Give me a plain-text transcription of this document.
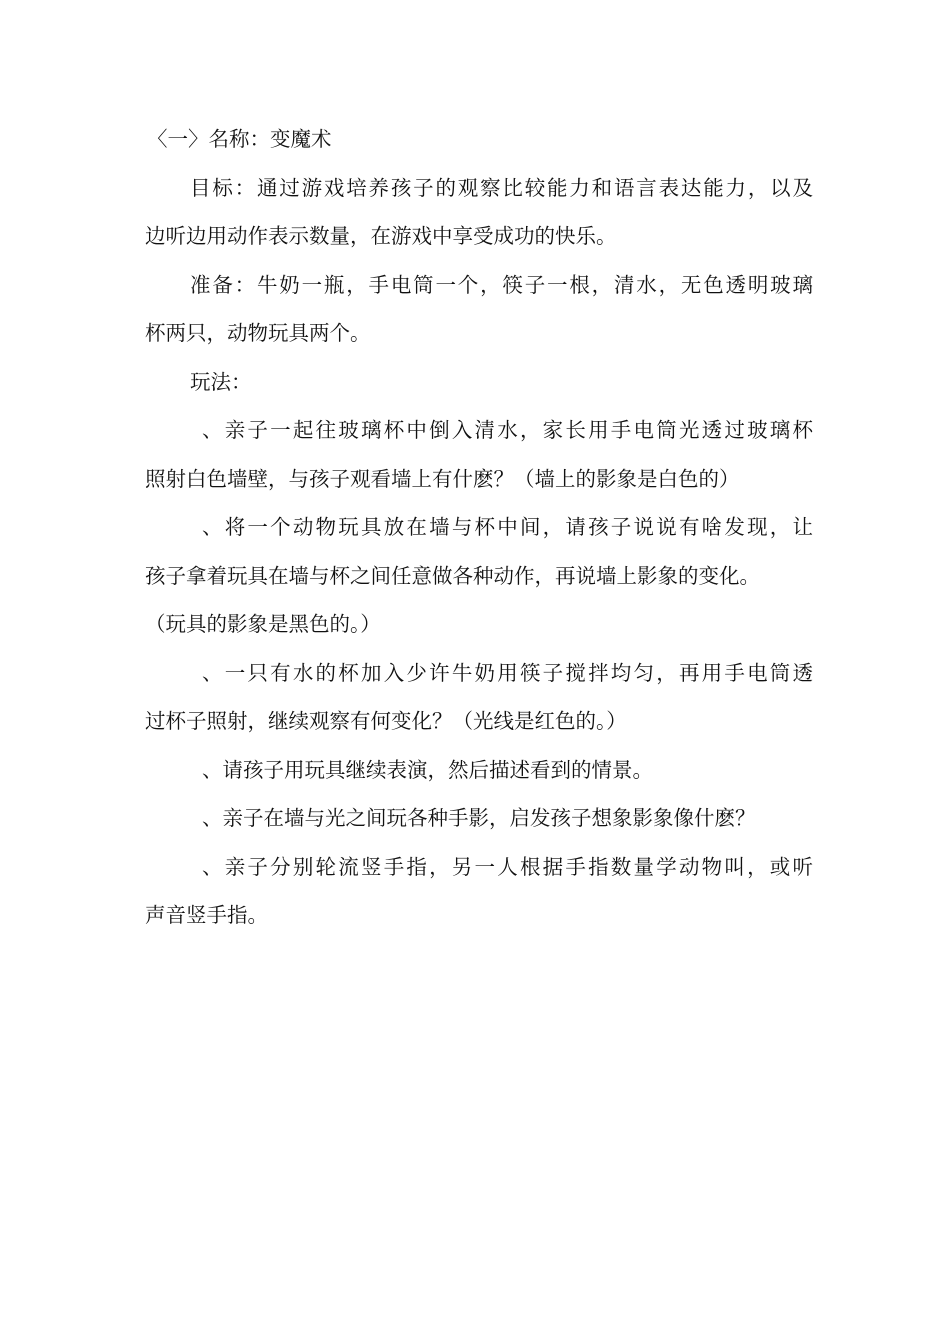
〈一〉名称：变魔术
目标：通过游戏培养孩子的观察比较能力和语言表达能力，以及
边听边用动作表示数量，在游戏中享受成功的快乐。
准备：牛奶一瓶，手电筒一个，筷子一根，清水，无色透明玻璃
杯两只，动物玩具两个。
玩法：
、亲子一起往玻璃杯中倒入清水，家长用手电筒光透过玻璃杯
照射白色墙壁，与孩子观看墙上有什麽？（墙上的影象是白色的）
、将一个动物玩具放在墙与杯中间，请孩子说说有啥发现，让
孩子拿着玩具在墙与杯之间任意做各种动作，再说墙上影象的变化。
（玩具的影象是黑色的。）
、一只有水的杯加入少许牛奶用筷子搅拌均匀，再用手电筒透
过杯子照射，继续观察有何变化？（光线是红色的。）
、请孩子用玩具继续表演，然后描述看到的情景。
、亲子在墙与光之间玩各种手影，启发孩子想象影象像什麽？
、亲子分别轮流竖手指，另一人根据手指数量学动物叫，或听
声音竖手指。
